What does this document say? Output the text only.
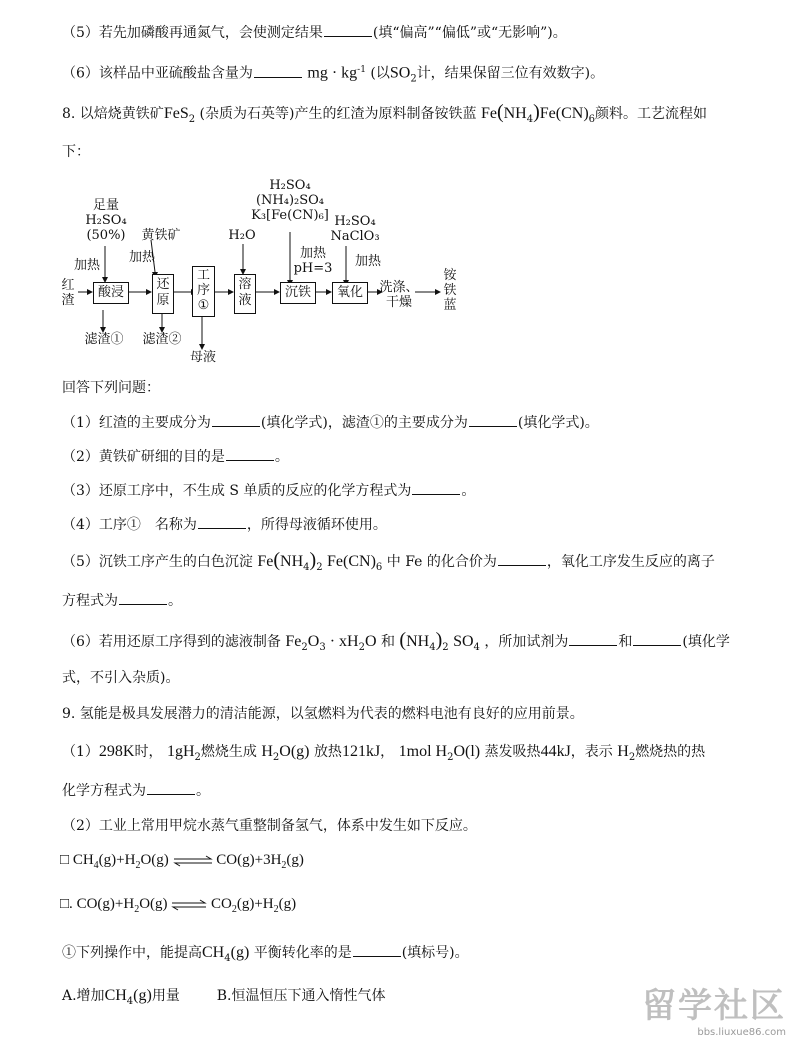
（5）若先加磷酸再通氮气，会使测定结果	(填“偏高”“偏低”或“无影响”)。
（6）该样品中亚硫酸盐含量为	mg · $kg^{-1}$ (以$SO_2$计，结果保留三位有效数字)。
8. 以焙烧黄铁矿FeS$_2$ (杂质为石英等)产生的红渣为原料制备铵铁蓝 $Fe(NH_4)Fe(CN)_6$颜料。工艺流程如
下：
红
渣
足量
H₂SO₄
(50%)
加热
黄铁矿
加热
H₂O
H₂SO₄
(NH₄)₂SO₄
K₃[Fe(CN)₆]
加热
pH=3
H₂SO₄
NaClO₃
加热
酸浸
还
原
工
序
①
溶
液
沉铁	氧化	洗涤、
干燥
铵
铁
蓝
滤渣①	滤渣②
母液
回答下列问题：
（1）红渣的主要成分为	(填化学式)，滤渣①的主要成分为	(填化学式)。
（2）黄铁矿研细的目的是	。
（3）还原工序中，不生成 S 单质的反应的化学方程式为	。
（4）工序①　名称为	，所得母液循环使用。
（5）沉铁工序产生的白色沉淀 $Fe(NH_4)_2$ $Fe(CN)_6$ 中 Fe 的化合价为	，氧化工序发生反应的离子
方程式为	。
（6）若用还原工序得到的滤液制备 $Fe_2O_3 \cdot xH_2O$ 和 $(NH_4)_2$ $SO_4$ ，所加试剂为	和	(填化学
式，不引入杂质)。
9. 氢能是极具发展潜力的清洁能源，以氢燃料为代表的燃料电池有良好的应用前景。
（1）298K时， $1gH_2$燃烧生成 $H_2O(g)$ 放热121kJ， 1mol $H_2O(l)$ 蒸发吸热44kJ，表示 $H_2$燃烧热的热
化学方程式为	。
（2）工业上常用甲烷水蒸气重整制备氢气，体系中发生如下反应。
□ $CH_4(g)+H_2O(g)$ ⇌ $CO(g)+3H_2(g)$
□. $CO(g)+H_2O(g)$ ⇌ $CO_2(g)+H_2(g)$
①下列操作中，能提高$CH_4(g)$ 平衡转化率的是	(填标号)。
A.增加$CH_4(g)$用量	B.恒温恒压下通入惰性气体	留学社区
bbs.liuxue86.com
